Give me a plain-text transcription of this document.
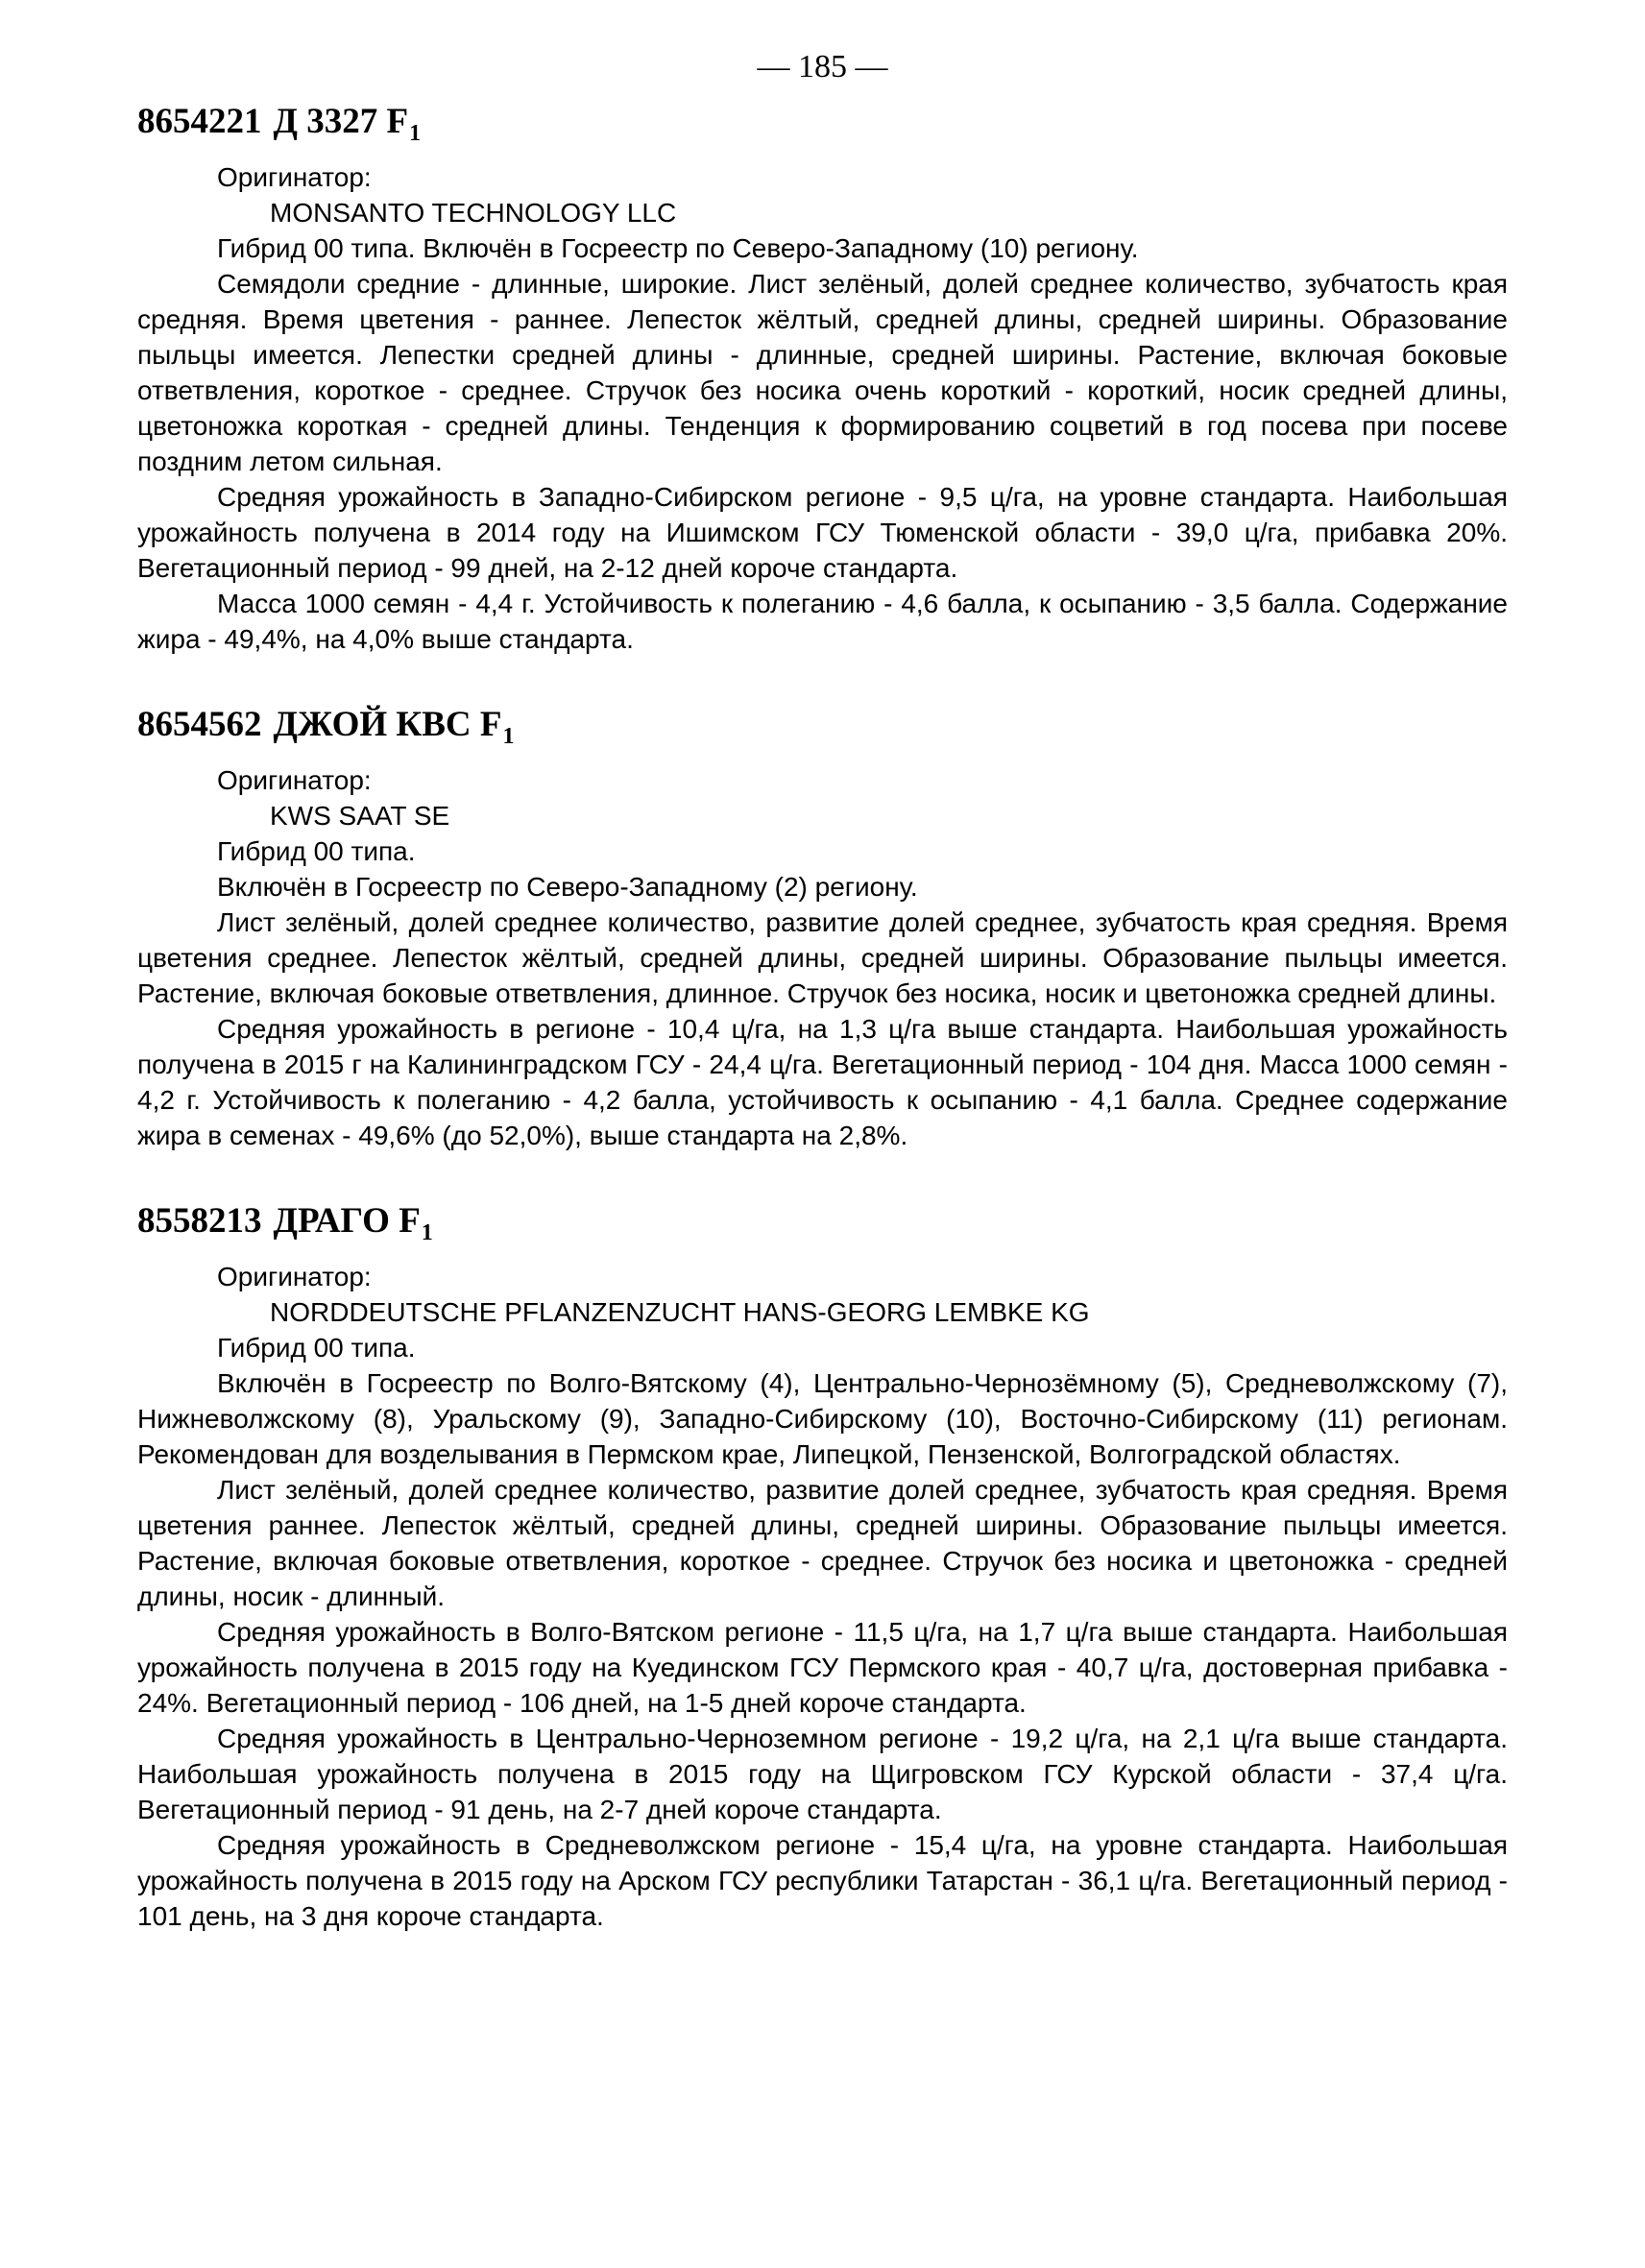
— 185 —
8654221 Д 3327 $F_1$
Оригинатор:
MONSANTO TECHNOLOGY LLC
Гибрид 00 типа. Включён в Госреестр по Северо-Западному (10) региону.

Семядоли средние - длинные, широкие. Лист зелёный, долей среднее количество, зубчатость края средняя. Время цветения - раннее. Лепесток жёлтый, средней длины, средней ширины. Образование пыльцы имеется. Лепестки средней длины - длинные, средней ширины. Растение, включая боковые ответвления, короткое - среднее. Стручок без носика очень короткий - короткий, носик средней длины, цветоножка короткая - средней длины. Тенденция к формированию соцветий в год посева при посеве поздним летом сильная.

Средняя урожайность в Западно-Сибирском регионе - 9,5 ц/га, на уровне стандарта. Наибольшая урожайность получена в 2014 году на Ишимском ГСУ Тюменской области - 39,0 ц/га, прибавка 20%. Вегетационный период - 99 дней, на 2-12 дней короче стандарта.

Масса 1000 семян - 4,4 г. Устойчивость к полеганию - 4,6 балла, к осыпанию - 3,5 балла. Содержание жира - 49,4%, на 4,0% выше стандарта.

8654562 ДЖОЙ КВС $F_1$
Оригинатор:
KWS SAAT SE
Гибрид 00 типа.
Включён в Госреестр по Северо-Западному (2) региону.

Лист зелёный, долей среднее количество, развитие долей среднее, зубчатость края средняя. Время цветения среднее. Лепесток жёлтый, средней длины, средней ширины. Образование пыльцы имеется. Растение, включая боковые ответвления, длинное. Стручок без носика, носик и цветоножка средней длины.

Средняя урожайность в регионе - 10,4 ц/га, на 1,3 ц/га выше стандарта. Наибольшая урожайность получена в 2015 г на Калининградском ГСУ - 24,4 ц/га. Вегетационный период - 104 дня. Масса 1000 семян - 4,2 г. Устойчивость к полеганию - 4,2 балла, устойчивость к осыпанию - 4,1 балла. Среднее содержание жира в семенах - 49,6% (до 52,0%), выше стандарта на 2,8%.

8558213 ДРАГО $F_1$
Оригинатор:
NORDDEUTSCHE PFLANZENZUCHT HANS-GEORG LEMBKE KG
Гибрид 00 типа.

Включён в Госреестр по Волго-Вятскому (4), Центрально-Чернозёмному (5), Средневолжскому (7), Нижневолжскому (8), Уральскому (9), Западно-Сибирскому (10), Восточно-Сибирскому (11) регионам. Рекомендован для возделывания в Пермском крае, Липецкой, Пензенской, Волгоградской областях.

Лист зелёный, долей среднее количество, развитие долей среднее, зубчатость края средняя. Время цветения раннее. Лепесток жёлтый, средней длины, средней ширины. Образование пыльцы имеется. Растение, включая боковые ответвления, короткое - среднее. Стручок без носика и цветоножка - средней длины, носик - длинный.

Средняя урожайность в Волго-Вятском регионе - 11,5 ц/га, на 1,7 ц/га выше стандарта. Наибольшая урожайность получена в 2015 году на Куединском ГСУ Пермского края - 40,7 ц/га, достоверная прибавка - 24%. Вегетационный период - 106 дней, на 1-5 дней короче стандарта.

Средняя урожайность в Центрально-Черноземном регионе - 19,2 ц/га, на 2,1 ц/га выше стандарта. Наибольшая урожайность получена в 2015 году на Щигровском ГСУ Курской области - 37,4 ц/га. Вегетационный период - 91 день, на 2-7 дней короче стандарта.

Средняя урожайность в Средневолжском регионе - 15,4 ц/га, на уровне стандарта. Наибольшая урожайность получена в 2015 году на Арском ГСУ республики Татарстан - 36,1 ц/га. Вегетационный период - 101 день, на 3 дня короче стандарта.
